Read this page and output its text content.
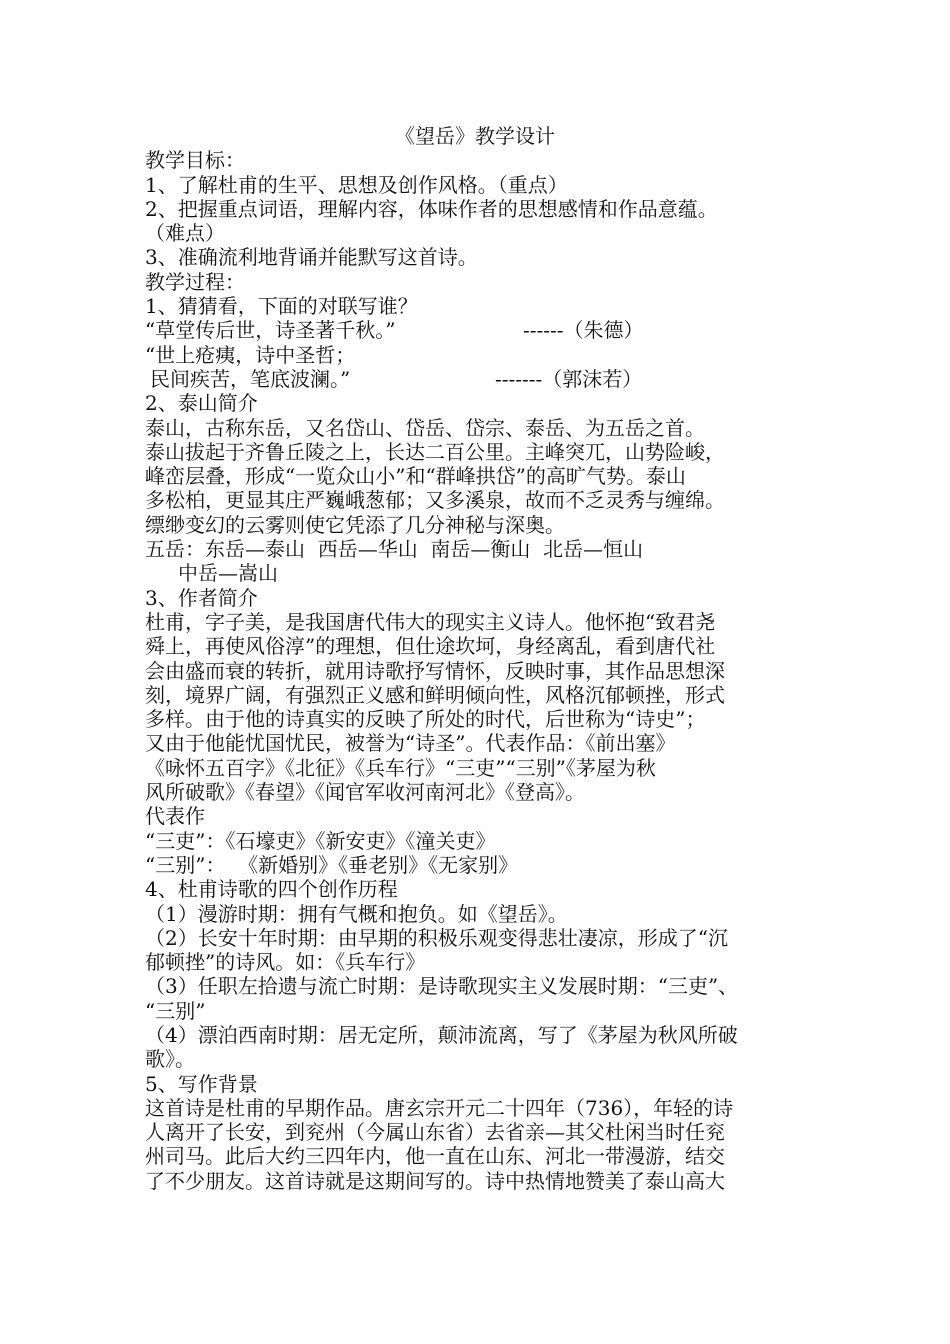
《望岳》教学设计
教学目标：
1、了解杜甫的生平、思想及创作风格。（重点）
2、把握重点词语，理解内容，体味作者的思想感情和作品意蕴。
（难点）
3、准确流利地背诵并能默写这首诗。
教学过程：
1、猜猜看，下面的对联写谁？
“草堂传后世，诗圣著千秋。”	------（朱德）
“世上疮痍，诗中圣哲；
民间疾苦，笔底波澜。”	-------（郭沫若）
2、泰山简介
泰山，古称东岳，又名岱山、岱岳、岱宗、泰岳、为五岳之首。
泰山拔起于齐鲁丘陵之上，长达二百公里。主峰突兀，山势险峻，
峰峦层叠，形成“一览众山小”和“群峰拱岱”的高旷气势。泰山
多松柏，更显其庄严巍峨葱郁；又多溪泉，故而不乏灵秀与缠绵。
缥缈变幻的云雾则使它凭添了几分神秘与深奥。
五岳：东岳—泰山  西岳—华山  南岳—衡山  北岳—恒山
中岳—嵩山
3、作者简介
杜甫，字子美，是我国唐代伟大的现实主义诗人。他怀抱“致君尧
舜上，再使风俗淳”的理想，但仕途坎坷，身经离乱，看到唐代社
会由盛而衰的转折，就用诗歌抒写情怀，反映时事，其作品思想深
刻，境界广阔，有强烈正义感和鲜明倾向性，风格沉郁顿挫，形式
多样。由于他的诗真实的反映了所处的时代，后世称为“诗史”；
又由于他能忧国忧民，被誉为“诗圣”。代表作品：《前出塞》
《咏怀五百字》《北征》《兵车行》“三吏”“三别”《茅屋为秋
风所破歌》《春望》《闻官军收河南河北》《登高》。
代表作
“三吏”：《石壕吏》《新安吏》《潼关吏》
“三别”：  《新婚别》《垂老别》《无家别》
4、杜甫诗歌的四个创作历程
（1）漫游时期：拥有气概和抱负。如《望岳》。
（2）长安十年时期：由早期的积极乐观变得悲壮凄凉，形成了“沉
郁顿挫”的诗风。如：《兵车行》
（3）任职左拾遗与流亡时期：是诗歌现实主义发展时期：“三吏”、
“三别”
（4）漂泊西南时期：居无定所，颠沛流离，写了《茅屋为秋风所破
歌》。
5、写作背景
这首诗是杜甫的早期作品。唐玄宗开元二十四年（736），年轻的诗
人离开了长安，到兖州（今属山东省）去省亲—其父杜闲当时任兖
州司马。此后大约三四年内，他一直在山东、河北一带漫游，结交
了不少朋友。这首诗就是这期间写的。诗中热情地赞美了泰山高大
